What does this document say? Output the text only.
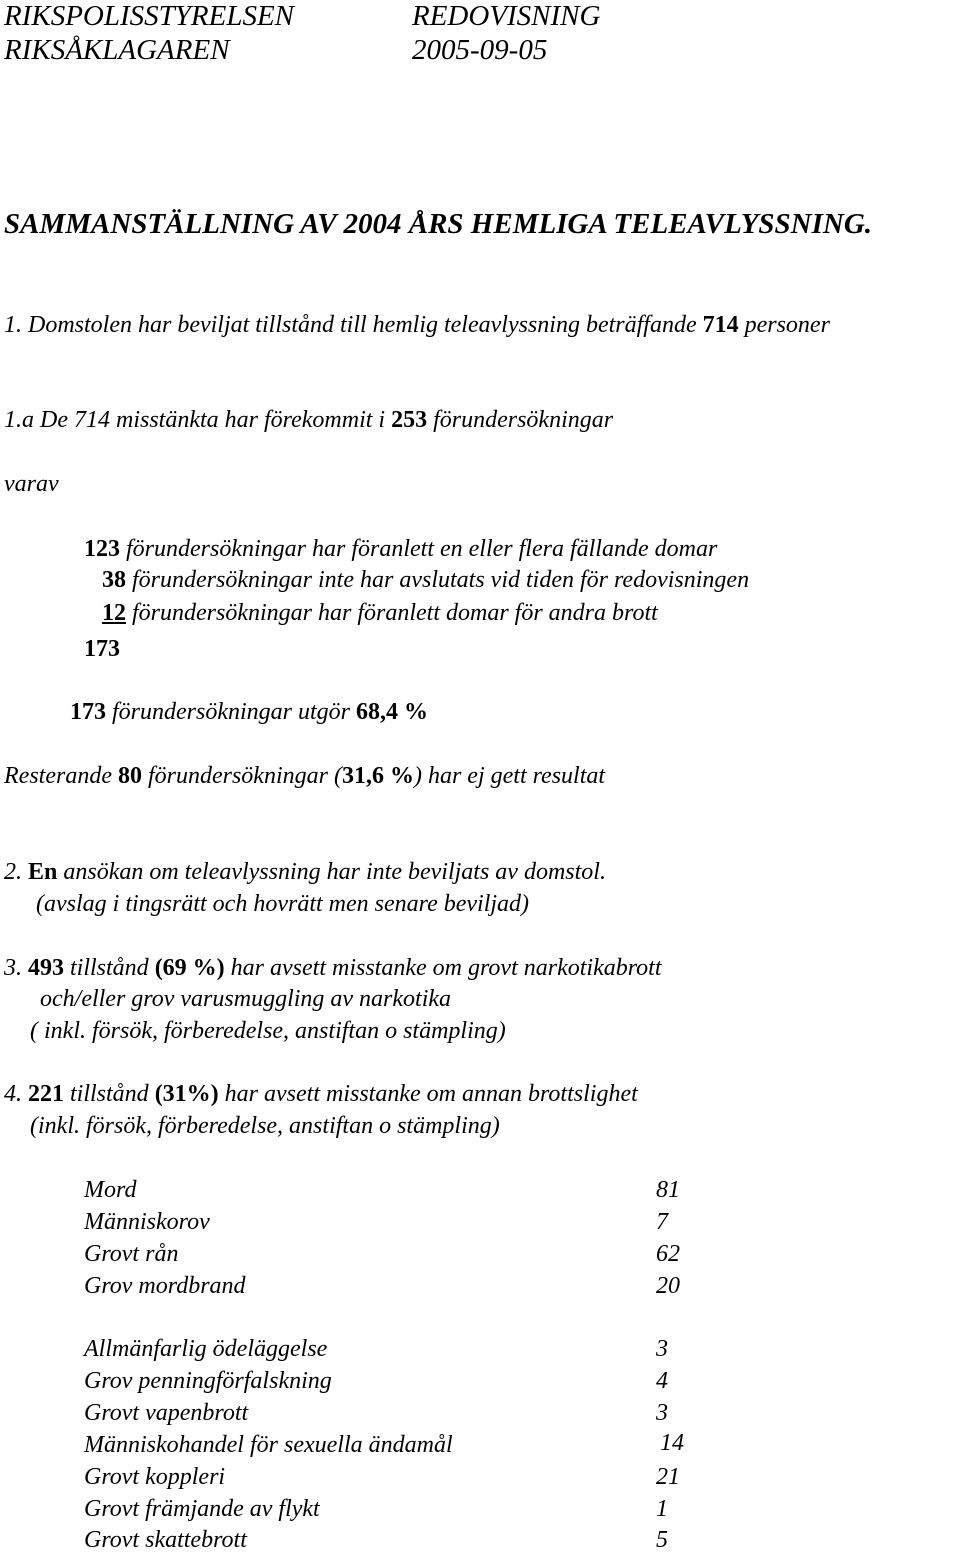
RIKSPOLISSTYRELSEN	REDOVISNING
RIKSÅKLAGAREN	2005-09-05
SAMMANSTÄLLNING AV 2004 ÅRS HEMLIGA TELEAVLYSSNING.
1. Domstolen har beviljat tillstånd till hemlig teleavlyssning beträffande 714 personer
1.a De 714 misstänkta har förekommit i 253 förundersökningar
varav
123 förundersökningar har föranlett en eller flera fällande domar
38 förundersökningar inte har avslutats vid tiden för redovisningen
12 förundersökningar har föranlett domar för andra brott
173
173 förundersökningar utgör 68,4 %
Resterande 80 förundersökningar (31,6 %) har ej gett resultat
2. En ansökan om teleavlyssning har inte beviljats av domstol.
(avslag i tingsrätt och hovrätt men senare beviljad)
3. 493 tillstånd (69 %) har avsett misstanke om grovt narkotikabrott
och/eller grov varusmuggling av narkotika
( inkl. försök, förberedelse, anstiftan o stämpling)
4. 221 tillstånd (31%) har avsett misstanke om annan brottslighet
(inkl. försök, förberedelse, anstiftan o stämpling)
Mord	81
Människorov	7
Grovt rån	62
Grov mordbrand	20
Allmänfarlig ödeläggelse	3
Grov penningförfalskning	4
Grovt vapenbrott	3
Människohandel för sexuella ändamål	14
Grovt koppleri	21
Grovt främjande av flykt	1
Grovt skattebrott	5
